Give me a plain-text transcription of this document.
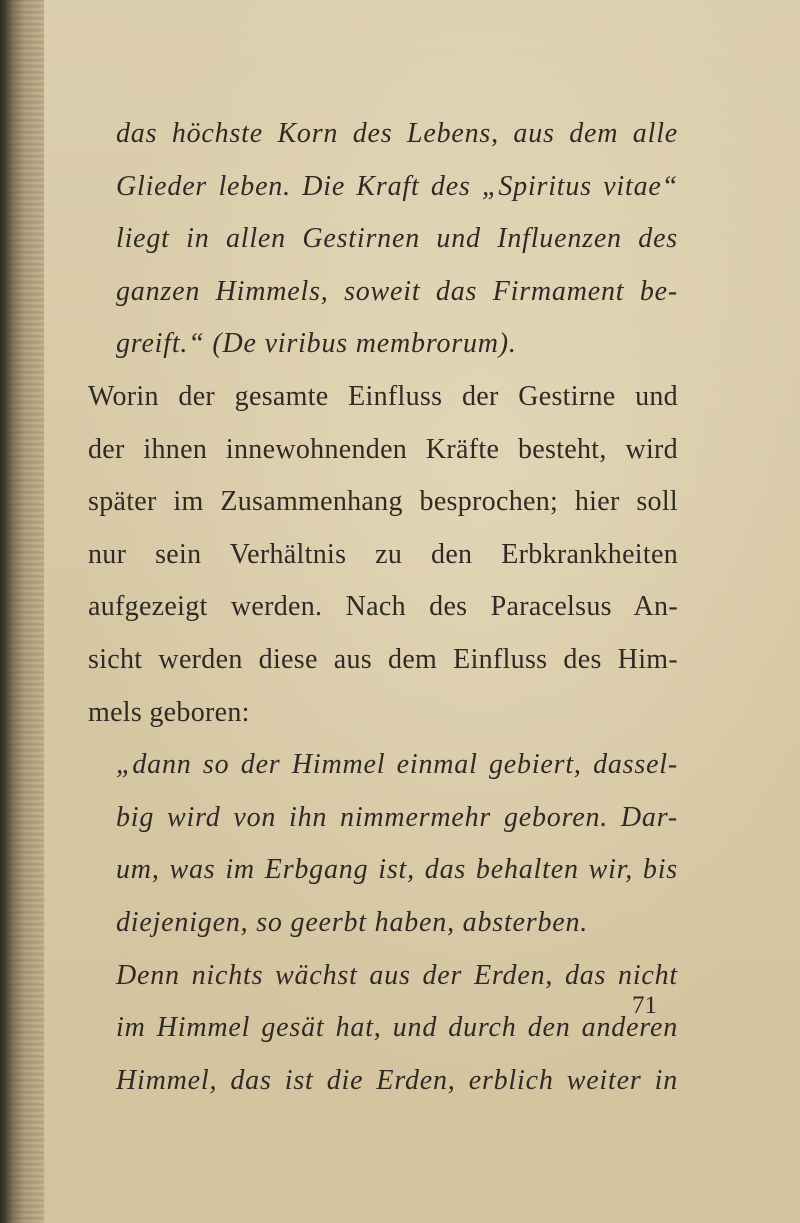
das höchste Korn des Lebens, aus dem alle
Glieder leben. Die Kraft des „Spiritus vitae“
liegt in allen Gestirnen und Influenzen des
ganzen Himmels, soweit das Firmament be-
greift.“ (De viribus membrorum).
Worin der gesamte Einfluss der Gestirne und
der ihnen innewohnenden Kräfte besteht, wird
später im Zusammenhang besprochen; hier soll
nur sein Verhältnis zu den Erbkrankheiten
aufgezeigt werden. Nach des Paracelsus An-
sicht werden diese aus dem Einfluss des Him-
mels geboren:
„dann so der Himmel einmal gebiert, dassel-
big wird von ihn nimmermehr geboren. Dar-
um, was im Erbgang ist, das behalten wir, bis
diejenigen, so geerbt haben, absterben.
Denn nichts wächst aus der Erden, das nicht
im Himmel gesät hat, und durch den anderen
Himmel, das ist die Erden, erblich weiter in
71
